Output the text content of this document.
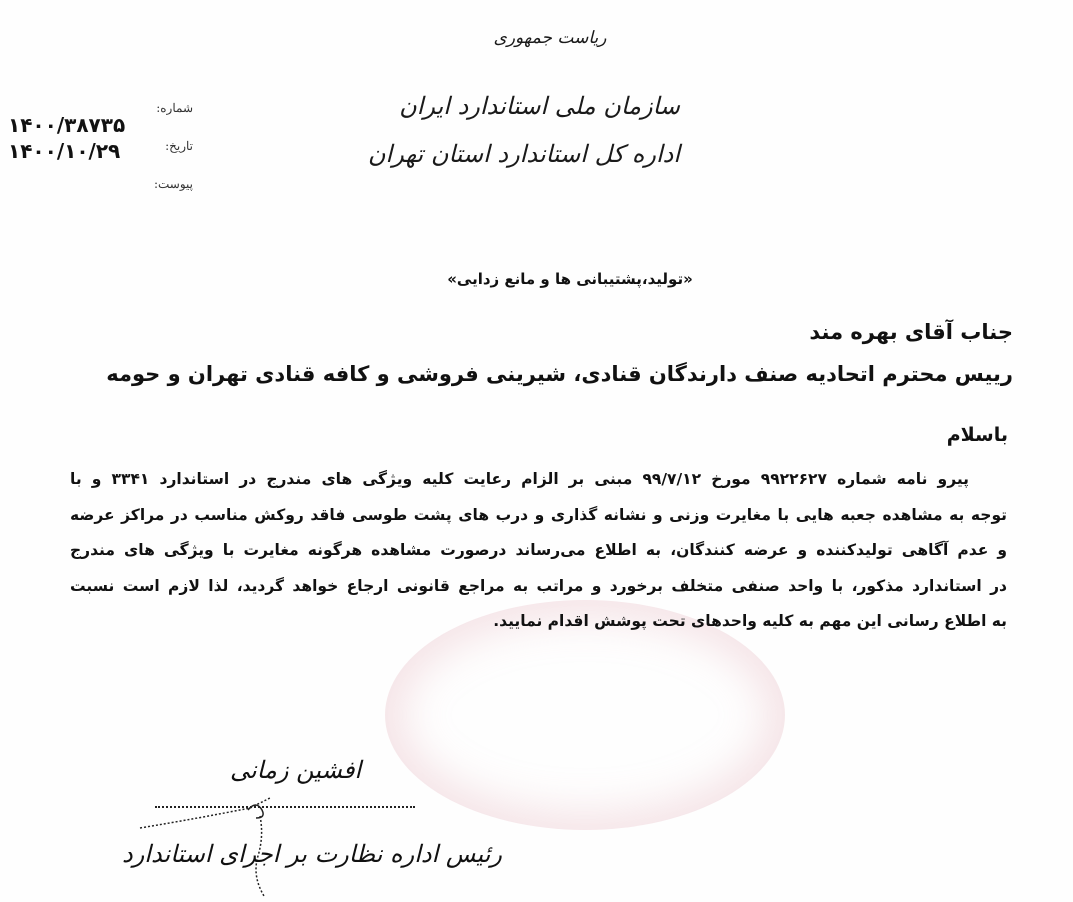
ریاست جمهوری
سازمان ملی استاندارد ایران
اداره کل استاندارد استان تهران
شماره:
تاریخ:
پیوست:
۱۴۰۰/۳۸۷۳۵
۱۴۰۰/۱۰/۲۹
«تولید،پشتیبانی ها و مانع زدایی»
جناب آقای بهره مند
رییس محترم اتحادیه صنف دارندگان قنادی، شیرینی فروشی و کافه قنادی تهران و حومه
باسلام
پیرو نامه شماره ۹۹۲۲۶۲۷ مورخ ۹۹/۷/۱۲ مبنی بر الزام رعایت کلیه ویژگی های مندرج در استاندارد ۳۳۴۱ و با
توجه به مشاهده جعبه هایی با مغایرت وزنی و نشانه گذاری و درب های پشت طوسی فاقد روکش مناسب در مراکز عرضه
و عدم آگاهی تولیدکننده و عرضه کنندگان، به اطلاع می‌رساند درصورت مشاهده هرگونه مغایرت با ویژگی های مندرج
در استاندارد مذکور، با واحد صنفی متخلف برخورد و مراتب به مراجع قانونی ارجاع خواهد گردید، لذا لازم است نسبت
به اطلاع رسانی این مهم به کلیه واحدهای تحت پوشش اقدام نمایید.
افشین زمانی
رئیس اداره نظارت بر اجرای استاندارد
